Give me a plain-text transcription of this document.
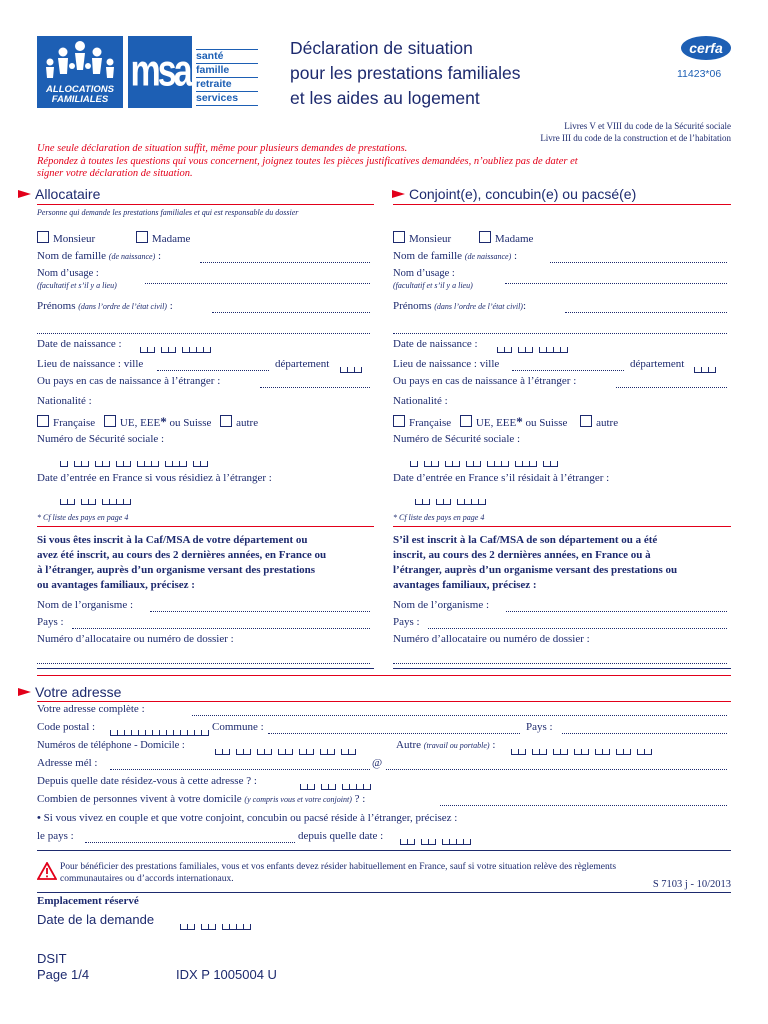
ALLOCATIONS
FAMILIALES
msa santé
famille
retraite
services
Déclaration de situation
pour les prestations familiales
et les aides au logement
cerfa
11423*06
Livres V et VIII du code de la Sécurité sociale
Livre III du code de la construction et de l’habitation
Une seule déclaration de situation suffit, même pour plusieurs demandes de prestations.
Répondez à toutes les questions qui vous concernent, joignez toutes les pièces justificatives demandées, n’oubliez pas de dater et
signer votre déclaration de situation.
Allocataire
Personne qui demande les prestations familiales et qui est responsable du dossier
Monsieur	Madame
Nom de famille (de naissance) :
Nom d’usage :
(facultatif et s’il y a lieu)
Prénoms (dans l’ordre de l’état civil) :
Date de naissance :
Lieu de naissance : ville	département
Ou pays en cas de naissance à l’étranger :
Nationalité :
Française UE, EEE* ou Suisse autre
Numéro de Sécurité sociale :
Date d’entrée en France si vous résidiez à l’étranger :
* Cf liste des pays en page 4
Si vous êtes inscrit à la Caf/MSA de votre département ou
avez été inscrit, au cours des 2 dernières années, en France ou
à l’étranger, auprès d’un organisme versant des prestations
ou avantages familiaux, précisez :
Nom de l’organisme :
Pays :
Numéro d’allocataire ou numéro de dossier :
Conjoint(e), concubin(e) ou pacsé(e)
Monsieur	Madame
Nom de famille (de naissance) :
Nom d’usage :
(facultatif et s’il y a lieu)
Prénoms (dans l’ordre de l’état civil):
Date de naissance :
Lieu de naissance : ville	département
Ou pays en cas de naissance à l’étranger :
Nationalité :
Française UE, EEE* ou Suisse	autre
Numéro de Sécurité sociale :
Date d’entrée en France s’il résidait à l’étranger :
* Cf liste des pays en page 4
S’il est inscrit à la Caf/MSA de son département ou a été
inscrit, au cours des 2 dernières années, en France ou à
l’étranger, auprès d’un organisme versant des prestations ou
avantages familiaux, précisez :
Nom de l’organisme :
Pays :
Numéro d’allocataire ou numéro de dossier :
Votre adresse
Votre adresse complète :
Code postal :	Commune :	Pays :
Numéros de téléphone - Domicile :	Autre (travail ou portable) :
Adresse mél :	@
Depuis quelle date résidez-vous à cette adresse ? :
Combien de personnes vivent à votre domicile (y compris vous et votre conjoint) ? :
• Si vous vivez en couple et que votre conjoint, concubin ou pacsé réside à l’étranger, précisez :
le pays :	depuis quelle date :
Pour bénéficier des prestations familiales, vous et vos enfants devez résider habituellement en France, sauf si votre situation relève des règlements
communautaires ou d’accords internationaux.	S 7103 j - 10/2013
Emplacement réservé
Date de la demande
DSIT
Page 1/4	IDX P 1005004 U
